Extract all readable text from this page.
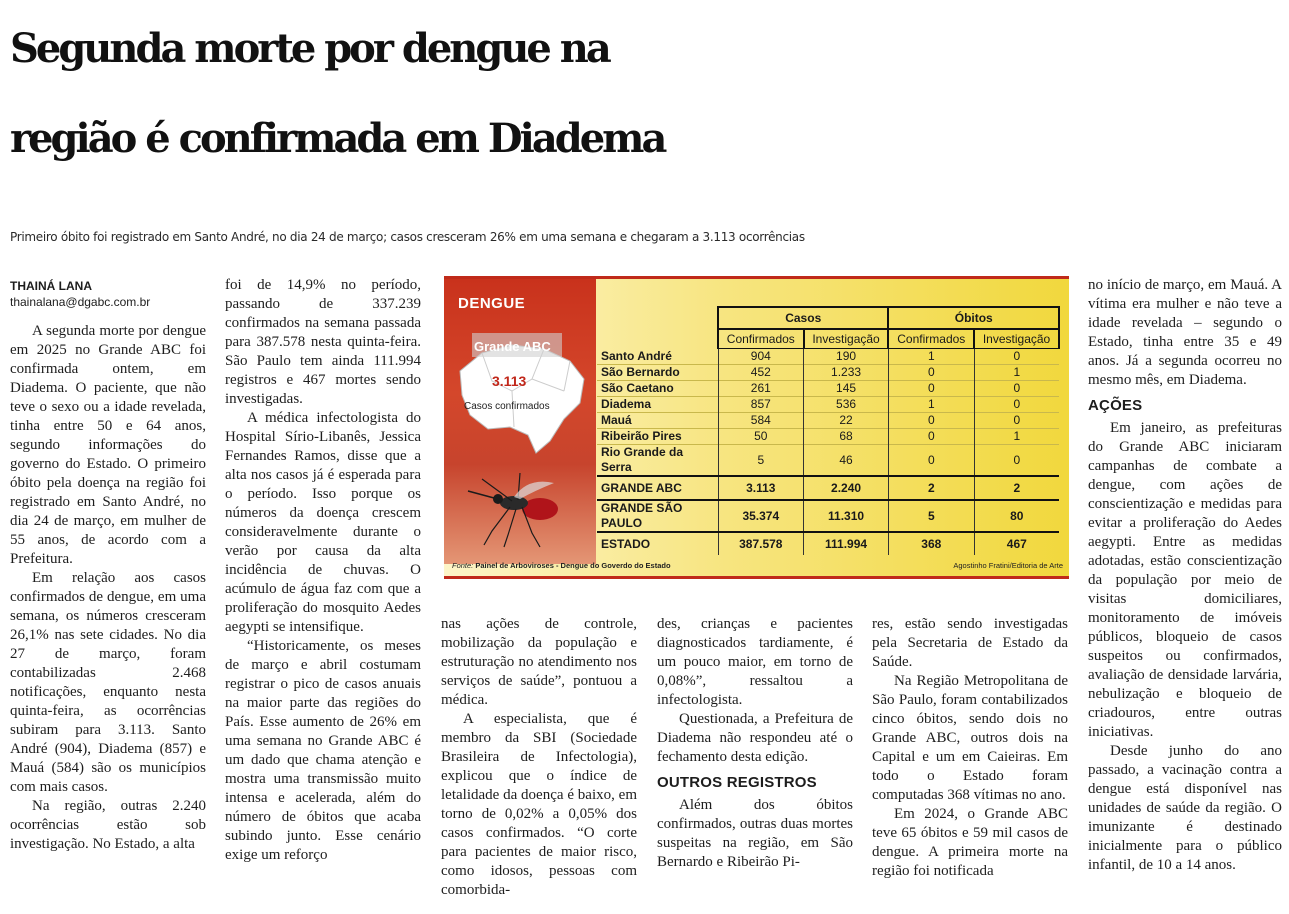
Segunda morte por dengue na
região é confirmada em Diadema
Primeiro óbito foi registrado em Santo André, no dia 24 de março; casos cresceram 26% em uma semana e chegaram a 3.113 ocorrências
THAINÁ LANA
thainalana@dgabc.com.br

A segunda morte por dengue em 2025 no Grande ABC foi confirmada ontem, em Diadema. O paciente, que não teve o sexo ou a idade revelada, tinha entre 50 e 64 anos, segundo informações do governo do Estado. O primeiro óbito pela doença na região foi registrado em Santo André, no dia 24 de março, em mulher de 55 anos, de acordo com a Prefeitura.

Em relação aos casos confirmados de dengue, em uma semana, os números cresceram 26,1% nas sete cidades. No dia 27 de março, foram contabilizadas 2.468 notificações, enquanto nesta quinta-feira, as ocorrências subiram para 3.113. Santo André (904), Diadema (857) e Mauá (584) são os municípios com mais casos.

Na região, outras 2.240 ocorrências estão sob investigação. No Estado, a alta

foi de 14,9% no período, passando de 337.239 confirmados na semana passada para 387.578 nesta quinta-feira. São Paulo tem ainda 111.994 registros e 467 mortes sendo investigadas.

A médica infectologista do Hospital Sírio-Libanês, Jessica Fernandes Ramos, disse que a alta nos casos já é esperada para o período. Isso porque os números da doença crescem consideravelmente durante o verão por causa da alta incidência de chuvas. O acúmulo de água faz com que a proliferação do mosquito Aedes aegypti se intensifique.

“Historicamente, os meses de março e abril costumam registrar o pico de casos anuais na maior parte das regiões do País. Esse aumento de 26% em uma semana no Grande ABC é um dado que chama atenção e mostra uma transmissão muito intensa e acelerada, além do número de óbitos que acaba subindo junto. Esse cenário exige um reforço

nas ações de controle, mobilização da população e estruturação no atendimento nos serviços de saúde”, pontuou a médica.

A especialista, que é membro da SBI (Sociedade Brasileira de Infectologia), explicou que o índice de letalidade da doença é baixo, em torno de 0,02% a 0,05% dos casos confirmados. “O corte para pacientes de maior risco, como idosos, pessoas com comorbida-

des, crianças e pacientes diagnosticados tardiamente, é um pouco maior, em torno de 0,08%”, ressaltou a infectologista.

Questionada, a Prefeitura de Diadema não respondeu até o fechamento desta edição.

OUTROS REGISTROS

Além dos óbitos confirmados, outras duas mortes suspeitas na região, em São Bernardo e Ribeirão Pi-

res, estão sendo investigadas pela Secretaria de Estado da Saúde.

Na Região Metropolitana de São Paulo, foram contabilizados cinco óbitos, sendo dois no Grande ABC, outros dois na Capital e um em Caieiras. Em todo o Estado foram computadas 368 vítimas no ano.

Em 2024, o Grande ABC teve 65 óbitos e 59 mil casos de dengue. A primeira morte na região foi notificada

no início de março, em Mauá. A vítima era mulher e não teve a idade revelada – segundo o Estado, tinha entre 35 e 49 anos. Já a segunda ocorreu no mesmo mês, em Diadema.

AÇÕES

Em janeiro, as prefeituras do Grande ABC iniciaram campanhas de combate a dengue, com ações de conscientização e medidas para evitar a proliferação do Aedes aegypti. Entre as medidas adotadas, estão conscientização da população por meio de visitas domiciliares, monitoramento de imóveis públicos, bloqueio de casos suspeitos ou confirmados, avaliação de densidade larvária, nebulização e bloqueio de criadouros, entre outras iniciativas.

Desde junho do ano passado, a vacinação contra a dengue está disponível nas unidades de saúde da região. O imunizante é destinado inicialmente para o público infantil, de 10 a 14 anos.

DENGUE
Grande ABC
3.113
Casos confirmados
	Casos		Óbitos	
	Confirmados	Investigação	Confirmados	Investigação
Santo André	904	190	1	0
São Bernardo	452	1.233	0	1
São Caetano	261	145	0	0
Diadema	857	536	1	0
Mauá	584	22	0	0
Ribeirão Pires	50	68	0	1
Rio Grande da Serra	5	46	0	0
GRANDE ABC	3.113	2.240	2	2
GRANDE SÃO PAULO	35.374	11.310	5	80
ESTADO	387.578	111.994	368	467
Fonte: Painel de Arboviroses - Dengue do Goverdo do Estado	Agostinho Fratini/Editoria de Arte
